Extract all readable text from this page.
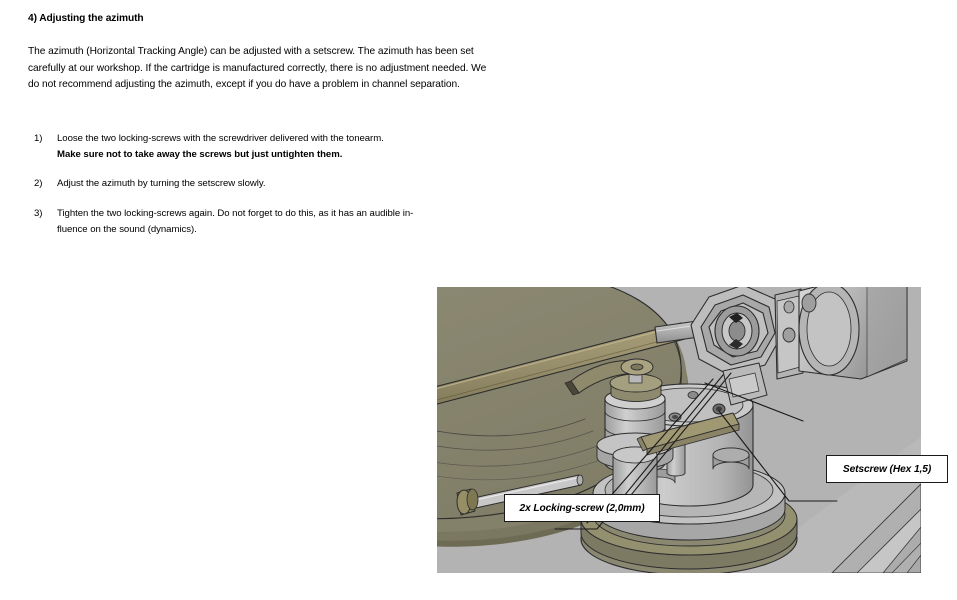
4) Adjusting the azimuth
The azimuth (Horizontal Tracking Angle) can be adjusted with a setscrew. The azimuth has been set carefully at our workshop. If the cartridge is manufactured correctly, there is no adjustment needed. We do not recommend adjusting the azimuth, except if you do have a problem in channel separation.
1) Loose the two locking-screws with the screwdriver delivered with the tonearm.
Make sure not to take away the screws but just untighten them.
2) Adjust the azimuth by turning the setscrew slowly.
3) Tighten the two locking-screws again. Do not forget to do this, as it has an audible in-
fluence on the sound (dynamics).
2x Locking-screw (2,0mm)
Setscrew (Hex 1,5)
